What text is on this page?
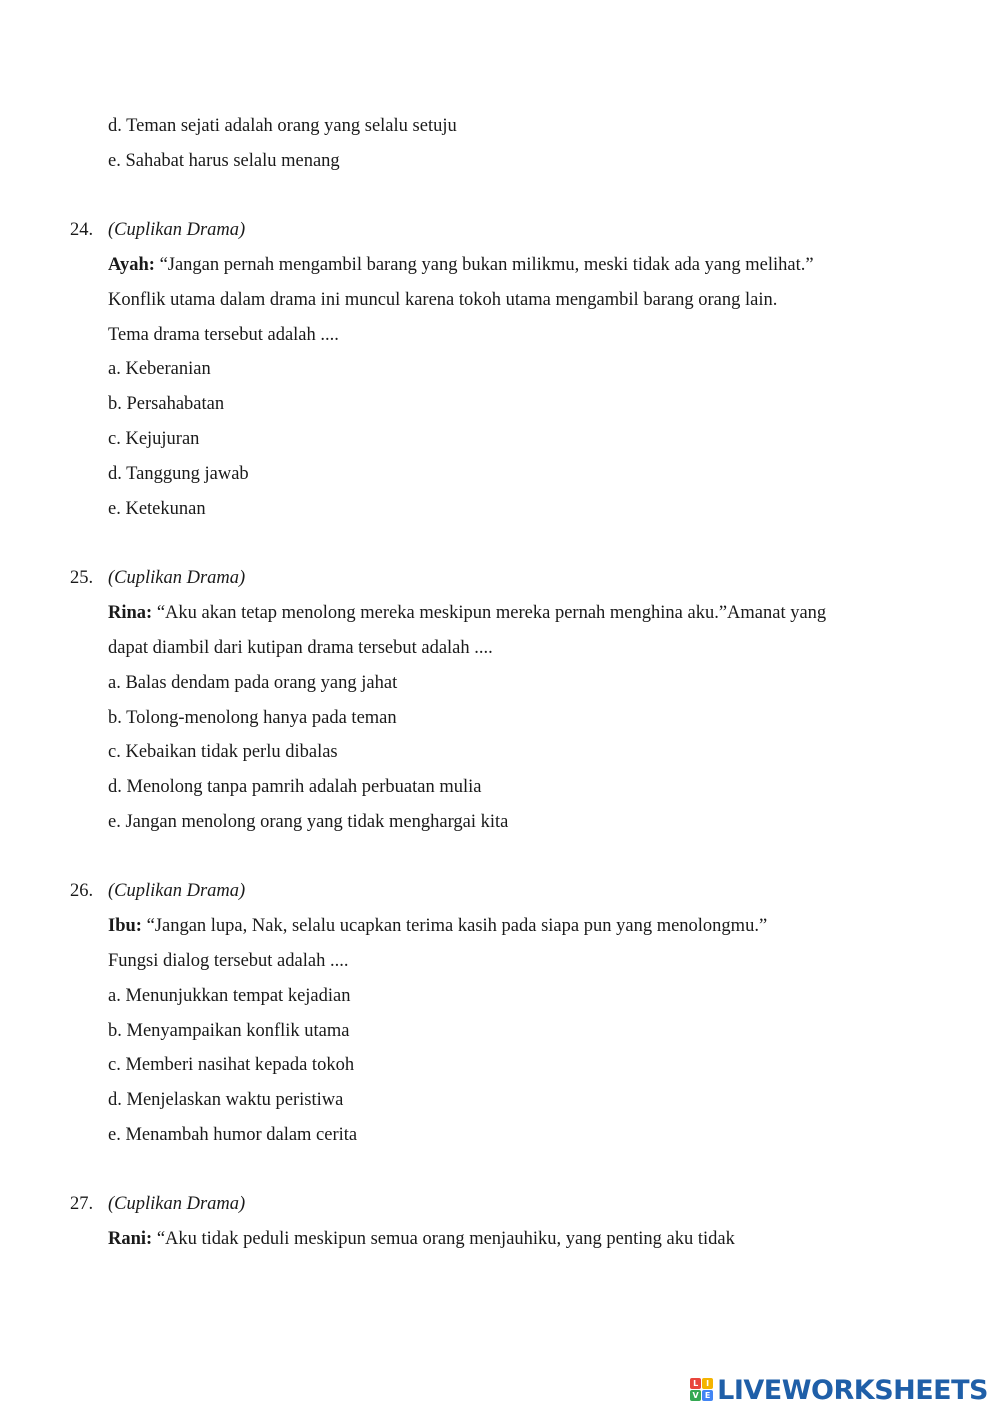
d. Teman sejati adalah orang yang selalu setuju
e. Sahabat harus selalu menang
24. (Cuplikan Drama)
Ayah: “Jangan pernah mengambil barang yang bukan milikmu, meski tidak ada yang melihat.”
Konflik utama dalam drama ini muncul karena tokoh utama mengambil barang orang lain.
Tema drama tersebut adalah ....
a. Keberanian
b. Persahabatan
c. Kejujuran
d. Tanggung jawab
e. Ketekunan
25. (Cuplikan Drama)
Rina: “Aku akan tetap menolong mereka meskipun mereka pernah menghina aku.”Amanat yang
dapat diambil dari kutipan drama tersebut adalah ....
a. Balas dendam pada orang yang jahat
b. Tolong-menolong hanya pada teman
c. Kebaikan tidak perlu dibalas
d. Menolong tanpa pamrih adalah perbuatan mulia
e. Jangan menolong orang yang tidak menghargai kita
26. (Cuplikan Drama)
Ibu: “Jangan lupa, Nak, selalu ucapkan terima kasih pada siapa pun yang menolongmu.”
Fungsi dialog tersebut adalah ....
a. Menunjukkan tempat kejadian
b. Menyampaikan konflik utama
c. Memberi nasihat kepada tokoh
d. Menjelaskan waktu peristiwa
e. Menambah humor dalam cerita
27. (Cuplikan Drama)
Rani: “Aku tidak peduli meskipun semua orang menjauhiku, yang penting aku tidak
L I
V E LIVEWORKSHEETS
